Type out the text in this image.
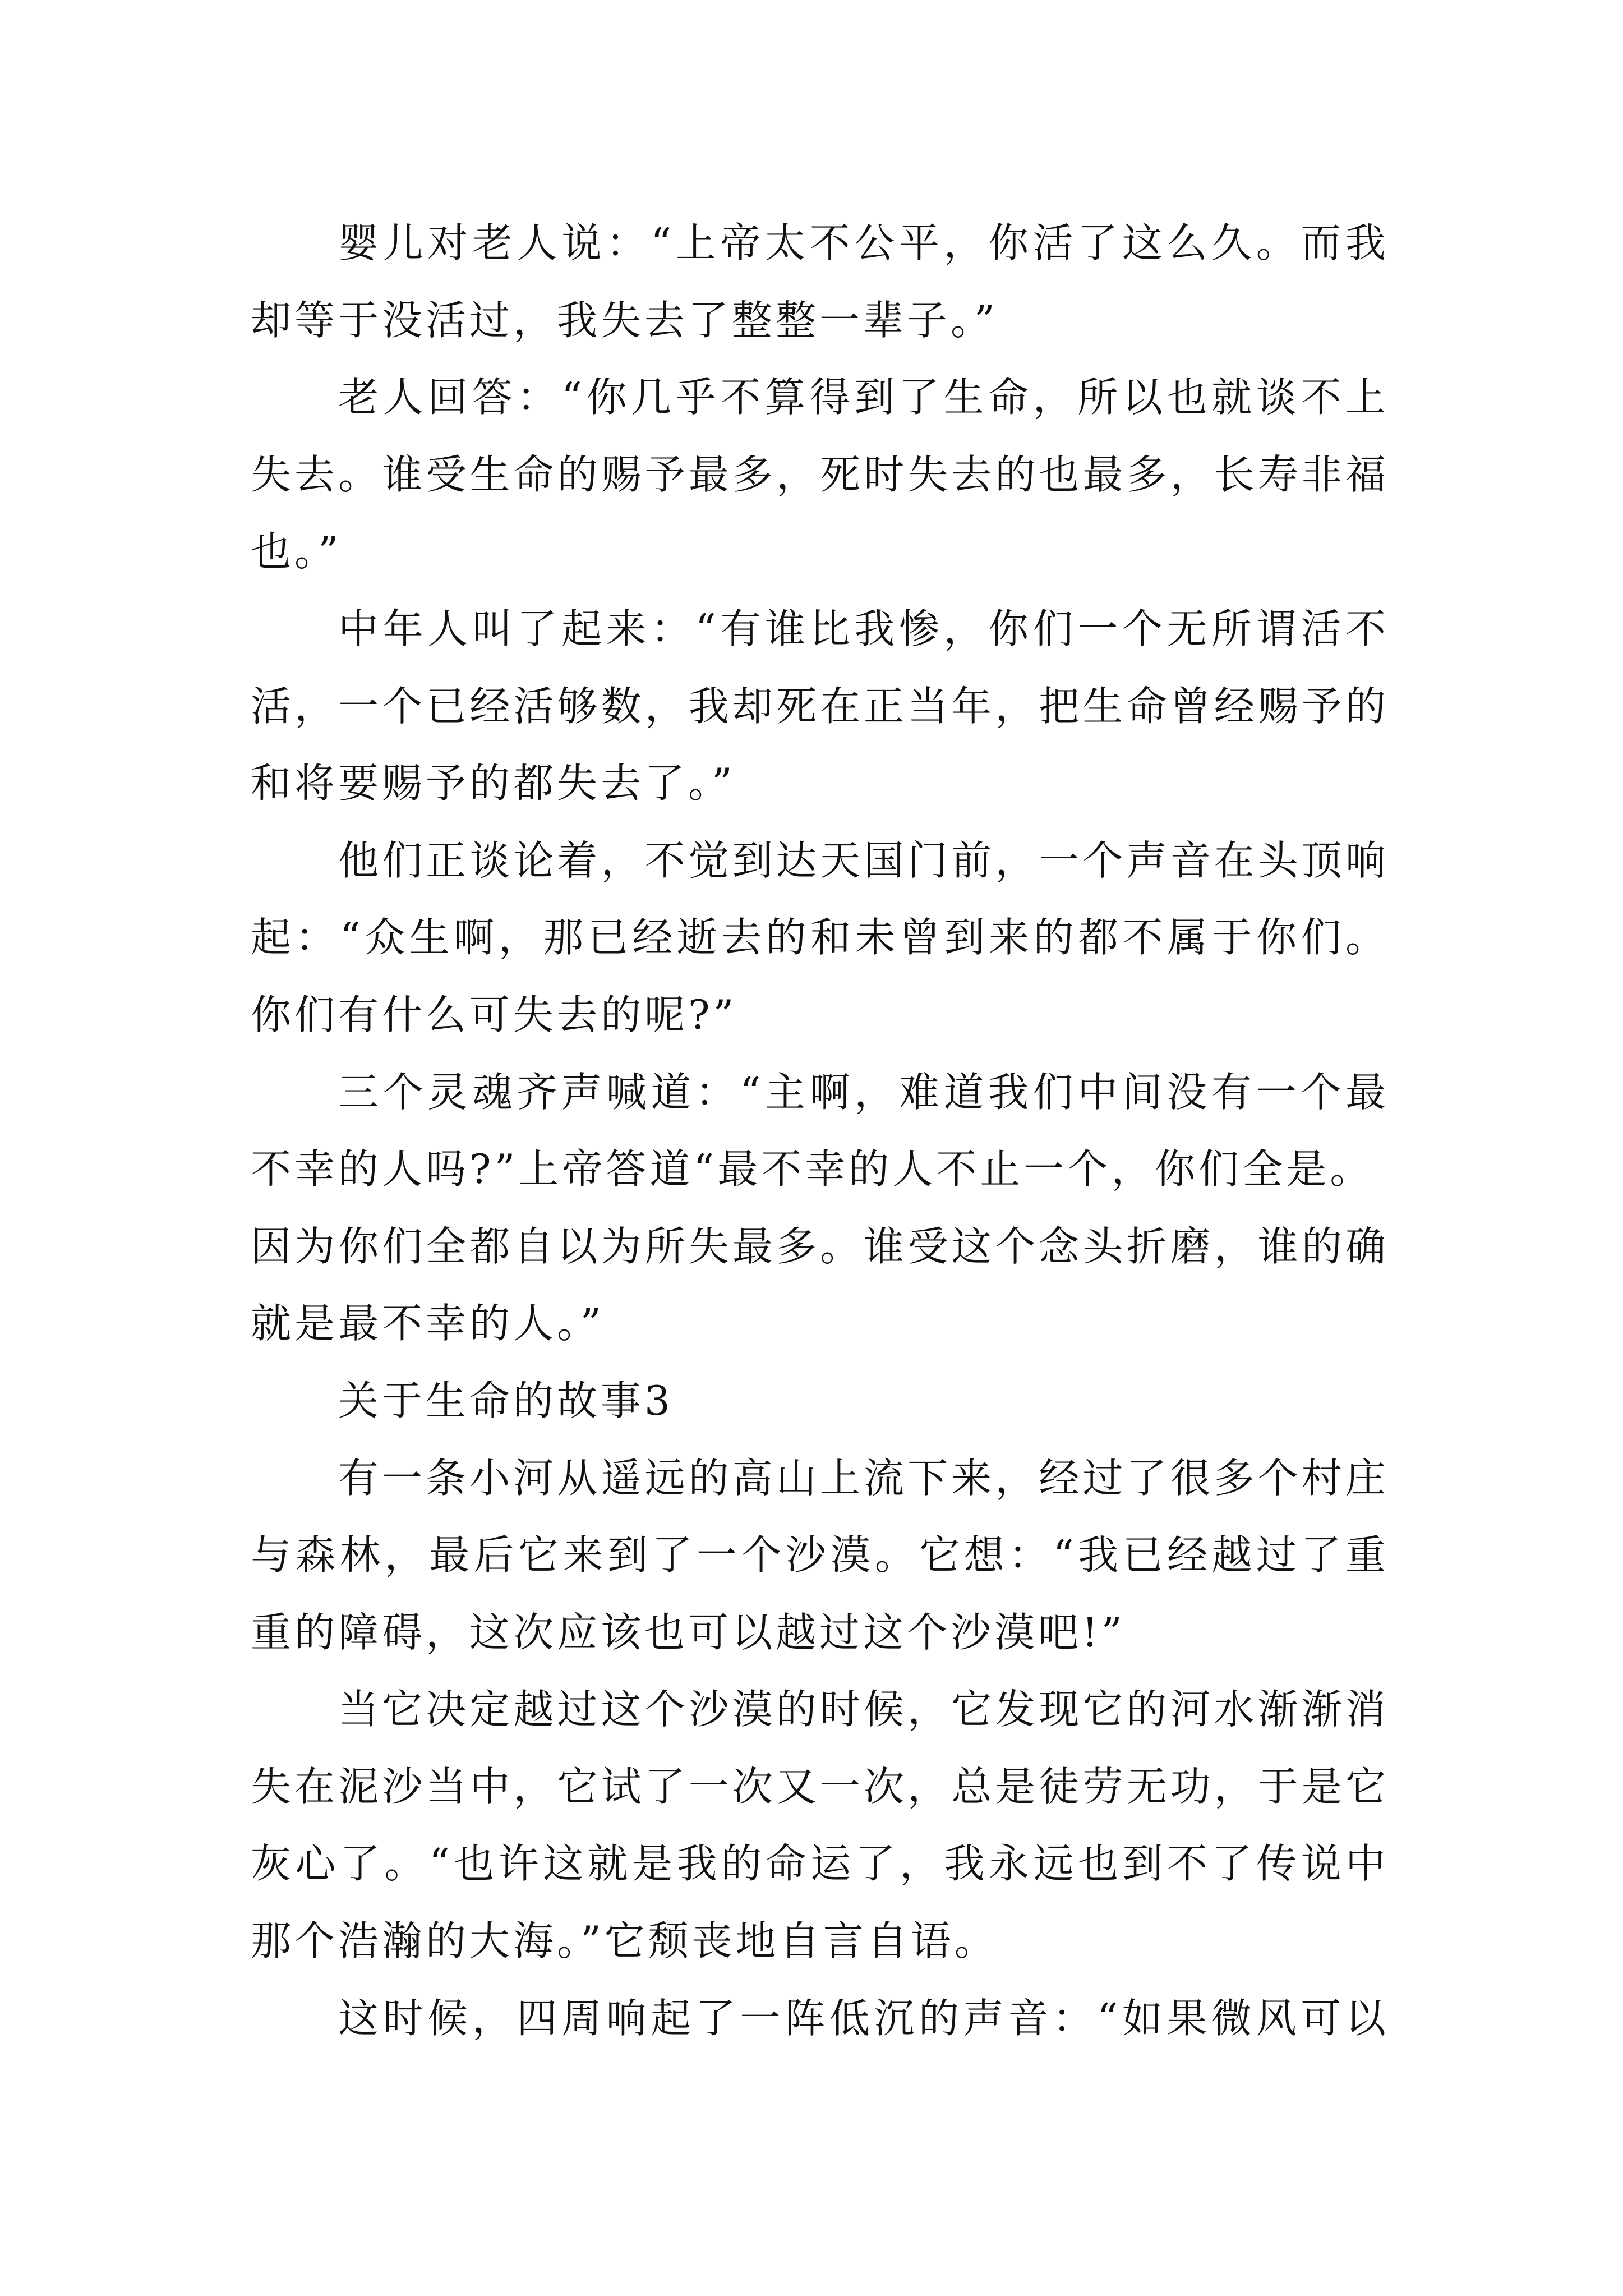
婴儿对老人说：“上帝太不公平，你活了这么久。而我
却等于没活过，我失去了整整一辈子。”
老人回答：“你几乎不算得到了生命，所以也就谈不上
失去。谁受生命的赐予最多，死时失去的也最多，长寿非福
也。”
中年人叫了起来：“有谁比我惨，你们一个无所谓活不
活，一个已经活够数，我却死在正当年，把生命曾经赐予的
和将要赐予的都失去了。”
他们正谈论着，不觉到达天国门前，一个声音在头顶响
起：“众生啊，那已经逝去的和未曾到来的都不属于你们。
你们有什么可失去的呢?”
三个灵魂齐声喊道：“主啊，难道我们中间没有一个最
不幸的人吗?”上帝答道“最不幸的人不止一个，你们全是。
因为你们全都自以为所失最多。谁受这个念头折磨，谁的确
就是最不幸的人。”
关于生命的故事3
有一条小河从遥远的高山上流下来，经过了很多个村庄
与森林，最后它来到了一个沙漠。它想：“我已经越过了重
重的障碍，这次应该也可以越过这个沙漠吧!”
当它决定越过这个沙漠的时候，它发现它的河水渐渐消
失在泥沙当中，它试了一次又一次，总是徒劳无功，于是它
灰心了。“也许这就是我的命运了，我永远也到不了传说中
那个浩瀚的大海。”它颓丧地自言自语。
这时候，四周响起了一阵低沉的声音：“如果微风可以
